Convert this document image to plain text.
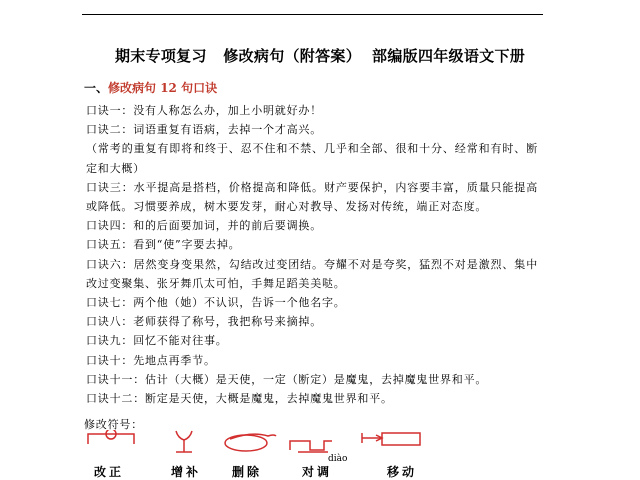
期末专项复习   修改病句（附答案）  部编版四年级语文下册
一、修改病句 12 句口诀

口诀一：没有人称怎么办，加上小明就好办！

口诀二：词语重复有语病，去掉一个才高兴。

（常考的重复有即将和终于、忍不住和不禁、几乎和全部、很和十分、经常和有时、断定和大概）

口诀三：水平提高是搭档，价格提高和降低。财产要保护，内容要丰富，质量只能提高或降低。习惯要养成，树木要发芽，耐心对教导、发扬对传统，端正对态度。

口诀四：和的后面要加词，并的前后要调换。

口诀五：看到“使”字要去掉。

口诀六：居然变身变果然，勾结改过变团结。夸耀不对是夸奖，猛烈不对是激烈、集中改过变聚集、张牙舞爪太可怕，手舞足蹈美美哒。

口诀七：两个他（她）不认识，告诉一个他名字。

口诀八：老师获得了称号，我把称号来摘掉。

口诀九：回忆不能对往事。

口诀十：先地点再季节。

口诀十一：估计（大概）是天使，一定（断定）是魔鬼，去掉魔鬼世界和平。

口诀十二：断定是天使，大概是魔鬼，去掉魔鬼世界和平。

修改符号：
diào
改正	增补	删除	对调	移动
